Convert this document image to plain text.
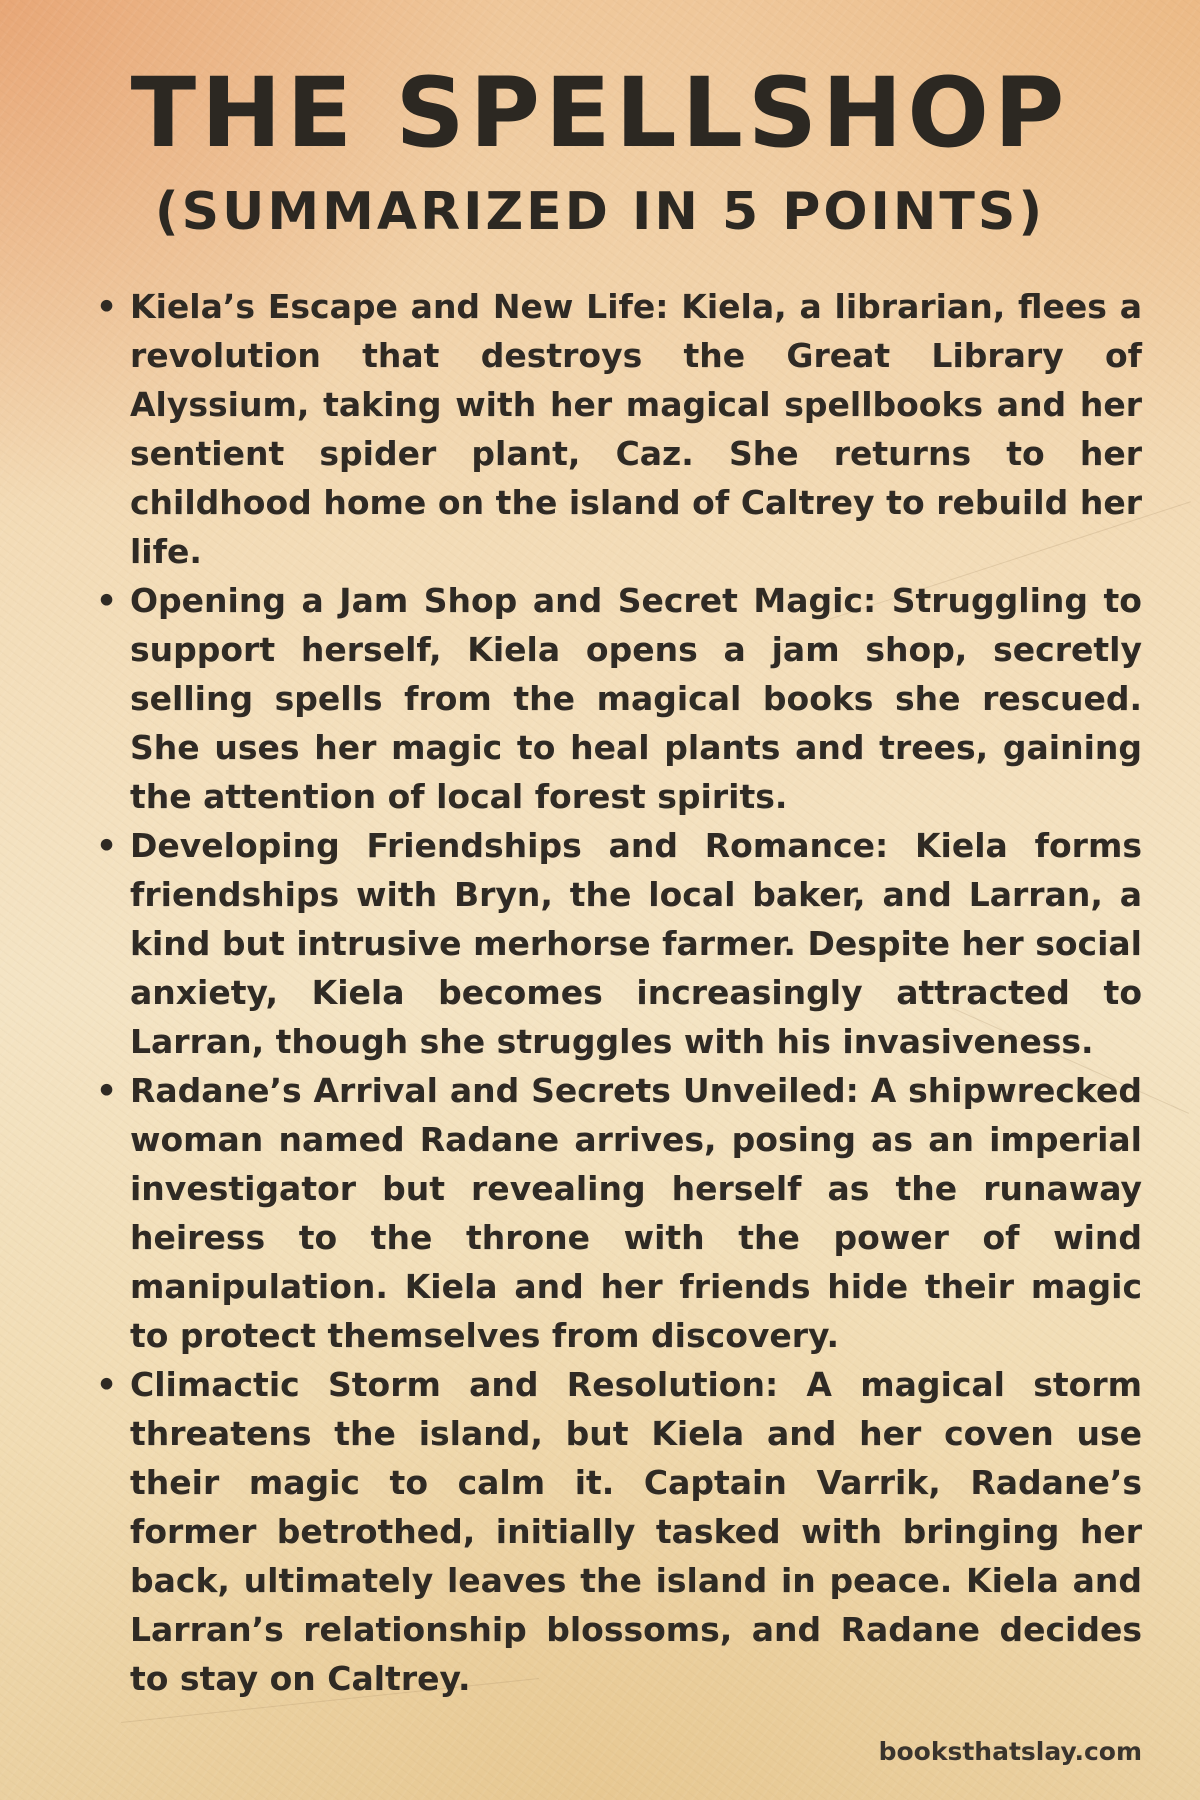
THE SPELLSHOP
(SUMMARIZED IN 5 POINTS)
• Kiela’s Escape and New Life: Kiela, a librarian, flees a revolution that destroys the Great Library of Alyssium, taking with her magical spellbooks and her sentient spider plant, Caz. She returns to her childhood home on the island of Caltrey to rebuild her life.
• Opening a Jam Shop and Secret Magic: Struggling to support herself, Kiela opens a jam shop, secretly selling spells from the magical books she rescued. She uses her magic to heal plants and trees, gaining the attention of local forest spirits.
• Developing Friendships and Romance: Kiela forms friendships with Bryn, the local baker, and Larran, a kind but intrusive merhorse farmer. Despite her social anxiety, Kiela becomes increasingly attracted to Larran, though she struggles with his invasiveness.
• Radane’s Arrival and Secrets Unveiled: A shipwrecked woman named Radane arrives, posing as an imperial investigator but revealing herself as the runaway heiress to the throne with the power of wind manipulation. Kiela and her friends hide their magic to protect themselves from discovery.
• Climactic Storm and Resolution: A magical storm threatens the island, but Kiela and her coven use their magic to calm it. Captain Varrik, Radane’s former betrothed, initially tasked with bringing her back, ultimately leaves the island in peace. Kiela and Larran’s relationship blossoms, and Radane decides to stay on Caltrey.
booksthatslay.com
